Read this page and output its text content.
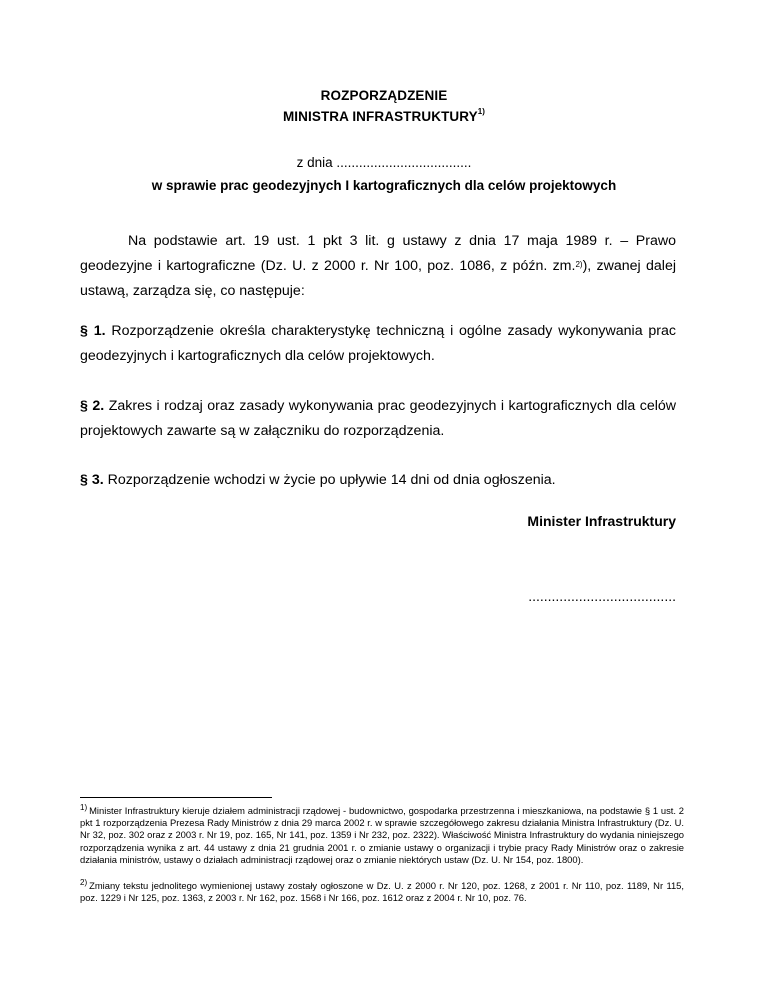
ROZPORZĄDZENIE
MINISTRA INFRASTRUKTURY$^{1)}$
z dnia ....................................
w sprawie prac geodezyjnych I kartograficznych dla celów projektowych
Na podstawie art. 19 ust. 1 pkt 3 lit. g ustawy z dnia 17 maja 1989 r. – Prawo geodezyjne i kartograficzne (Dz. U. z 2000 r. Nr 100, poz. 1086, z późn. zm.$^{2)}$), zwanej dalej ustawą, zarządza się, co następuje:
§ 1. Rozporządzenie określa charakterystykę techniczną i ogólne zasady wykonywania prac geodezyjnych i kartograficznych dla celów projektowych.
§ 2. Zakres i rodzaj oraz zasady wykonywania prac geodezyjnych i kartograficznych dla celów projektowych zawarte są w załączniku do rozporządzenia.
§ 3. Rozporządzenie wchodzi w życie po upływie 14 dni od dnia ogłoszenia.
Minister Infrastruktury
......................................
1) Minister Infrastruktury kieruje działem administracji rządowej - budownictwo, gospodarka przestrzenna i mieszkaniowa, na podstawie § 1 ust. 2 pkt 1 rozporządzenia Prezesa Rady Ministrów z dnia 29 marca 2002 r. w sprawie szczegółowego zakresu działania Ministra Infrastruktury (Dz. U. Nr 32, poz. 302 oraz z 2003 r. Nr 19, poz. 165, Nr 141, poz. 1359 i Nr 232, poz. 2322). Właściwość Ministra Infrastruktury do wydania niniejszego rozporządzenia wynika z art. 44 ustawy z dnia 21 grudnia 2001 r. o zmianie ustawy o organizacji i trybie pracy Rady Ministrów oraz o zakresie działania ministrów, ustawy o działach administracji rządowej oraz o zmianie niektórych ustaw (Dz. U. Nr 154, poz. 1800).
2) Zmiany tekstu jednolitego wymienionej ustawy zostały ogłoszone w Dz. U. z 2000 r. Nr 120, poz. 1268, z 2001 r. Nr 110, poz. 1189, Nr 115, poz. 1229 i Nr 125, poz. 1363, z 2003 r. Nr 162, poz. 1568 i Nr 166, poz. 1612 oraz z 2004 r. Nr 10, poz. 76.
